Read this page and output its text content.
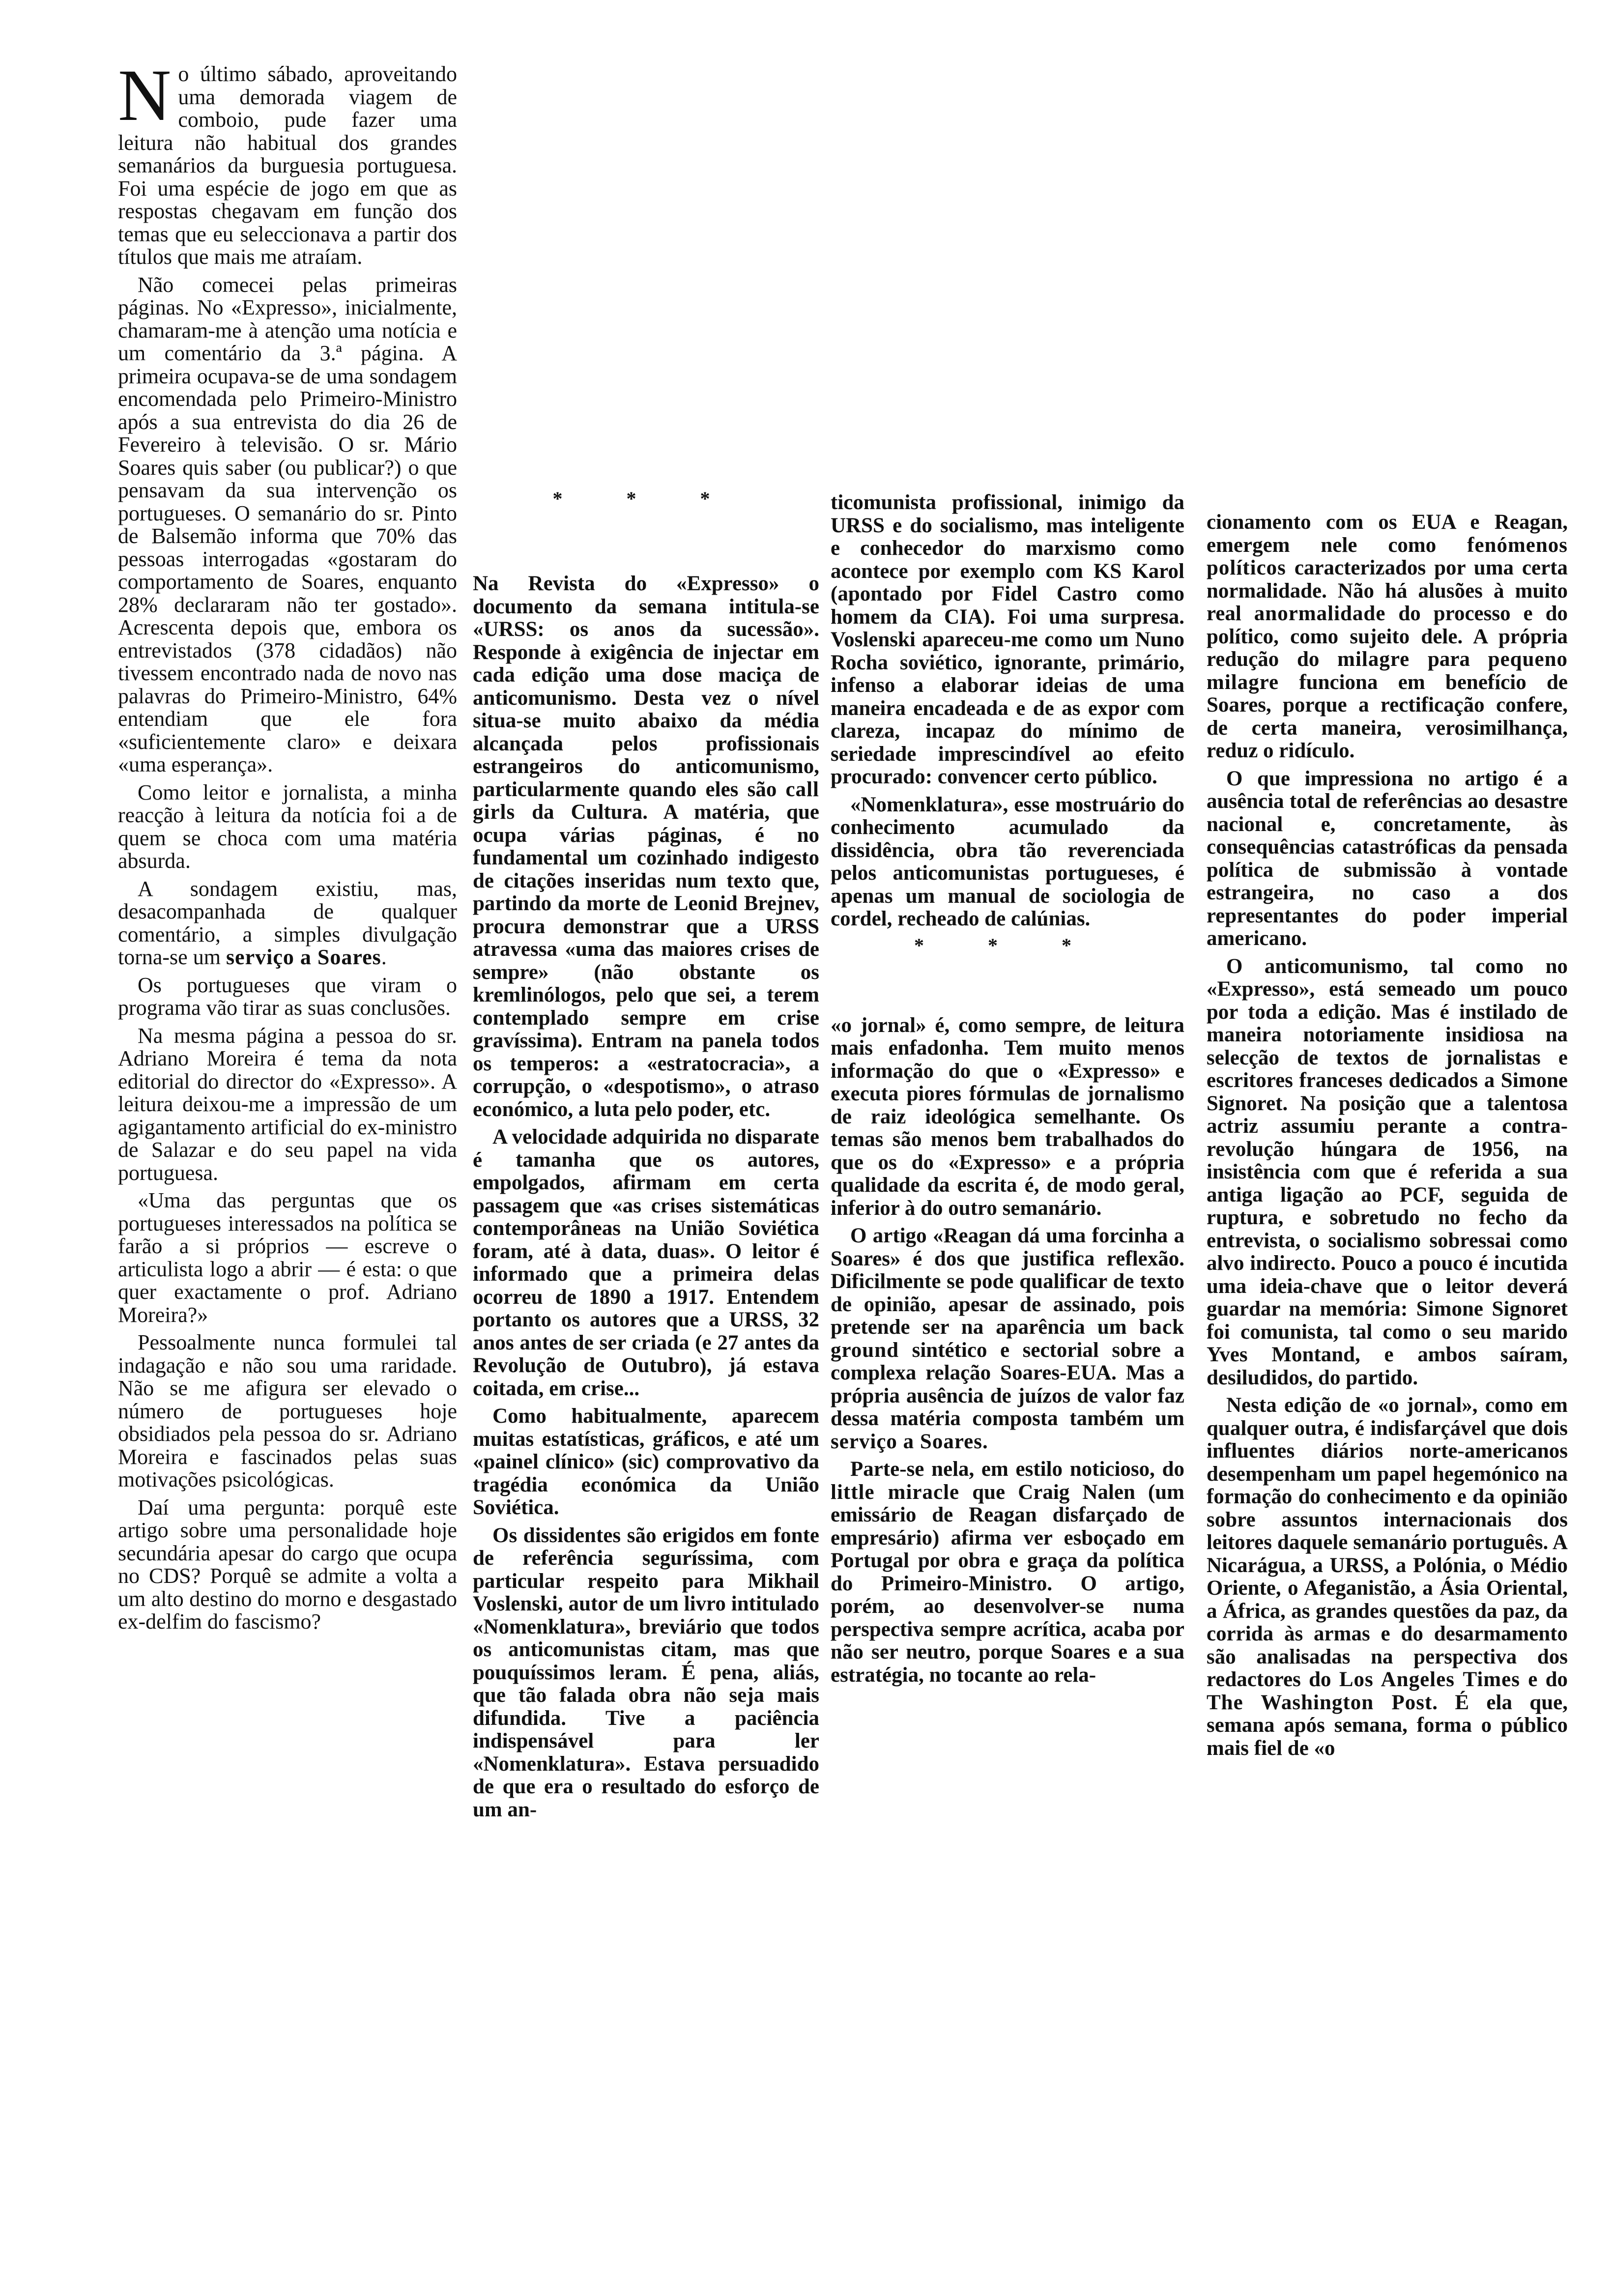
N o último sábado, aproveitando uma demorada viagem de comboio, pude fazer uma leitura não habitual dos grandes semanários da burguesia portuguesa. Foi uma espécie de jogo em que as respostas chegavam em função dos temas que eu seleccionava a partir dos títulos que mais me atraíam.

Não comecei pelas primeiras páginas. No «Expresso», inicialmente, chamaram-me à atenção uma notícia e um comentário da 3.ª página. A primeira ocupava-se de uma sondagem encomendada pelo Primeiro-Ministro após a sua entrevista do dia 26 de Fevereiro à televisão. O sr. Mário Soares quis saber (ou publicar?) o que pensavam da sua intervenção os portugueses. O semanário do sr. Pinto de Balsemão informa que 70% das pessoas interrogadas «gostaram do comportamento de Soares, enquanto 28% declararam não ter gostado». Acrescenta depois que, embora os entrevistados (378 cidadãos) não tivessem encontrado nada de novo nas palavras do Primeiro-Ministro, 64% entendiam que ele fora «suficientemente claro» e deixara «uma esperança».

Como leitor e jornalista, a minha reacção à leitura da notícia foi a de quem se choca com uma matéria absurda.

A sondagem existiu, mas, desacompanhada de qualquer comentário, a simples divulgação torna-se um serviço a Soares.

Os portugueses que viram o programa vão tirar as suas conclusões.

Na mesma página a pessoa do sr. Adriano Moreira é tema da nota editorial do director do «Expresso». A leitura deixou-me a impressão de um agigantamento artificial do ex-ministro de Salazar e do seu papel na vida portuguesa.

«Uma das perguntas que os portugueses interessados na política se farão a si próprios — escreve o articulista logo a abrir — é esta: o que quer exactamente o prof. Adriano Moreira?»

Pessoalmente nunca formulei tal indagação e não sou uma raridade. Não se me afigura ser elevado o número de portugueses hoje obsidiados pela pessoa do sr. Adriano Moreira e fascinados pelas suas motivações psicológicas.

Daí uma pergunta: porquê este artigo sobre uma personalidade hoje secundária apesar do cargo que ocupa no CDS? Porquê se admite a volta a um alto destino do morno e desgastado ex-delfim do fascismo?

* * *

Na Revista do «Expresso» o documento da semana intitula-se «URSS: os anos da sucessão». Responde à exigência de injectar em cada edição uma dose maciça de anticomunismo. Desta vez o nível situa-se muito abaixo da média alcançada pelos profissionais estrangeiros do anticomunismo, particularmente quando eles são call girls da Cultura. A matéria, que ocupa várias páginas, é no fundamental um cozinhado indigesto de citações inseridas num texto que, partindo da morte de Leonid Brejnev, procura demonstrar que a URSS atravessa «uma das maiores crises de sempre» (não obstante os kremlinólogos, pelo que sei, a terem contemplado sempre em crise gravíssima). Entram na panela todos os temperos: a «estratocracia», a corrupção, o «despotismo», o atraso económico, a luta pelo poder, etc.

A velocidade adquirida no disparate é tamanha que os autores, empolgados, afirmam em certa passagem que «as crises sistemáticas contemporâneas na União Soviética foram, até à data, duas». O leitor é informado que a primeira delas ocorreu de 1890 a 1917. Entendem portanto os autores que a URSS, 32 anos antes de ser criada (e 27 antes da Revolução de Outubro), já estava coitada, em crise...

Como habitualmente, aparecem muitas estatísticas, gráficos, e até um «painel clínico» (sic) comprovativo da tragédia económica da União Soviética.

Os dissidentes são erigidos em fonte de referência seguríssima, com particular respeito para Mikhail Voslenski, autor de um livro intitulado «Nomenklatura», breviário que todos os anticomunistas citam, mas que pouquíssimos leram. É pena, aliás, que tão falada obra não seja mais difundida. Tive a paciência indispensável para ler «Nomenklatura». Estava persuadido de que era o resultado do esforço de um an-

ticomunista profissional, inimigo da URSS e do socialismo, mas inteligente e conhecedor do marxismo como acontece por exemplo com KS Karol (apontado por Fidel Castro como homem da CIA). Foi uma surpresa. Voslenski apareceu-me como um Nuno Rocha soviético, ignorante, primário, infenso a elaborar ideias de uma maneira encadeada e de as expor com clareza, incapaz do mínimo de seriedade imprescindível ao efeito procurado: convencer certo público.

«Nomenklatura», esse mostruário do conhecimento acumulado da dissidência, obra tão reverenciada pelos anticomunistas portugueses, é apenas um manual de sociologia de cordel, recheado de calúnias.

* * *

«o jornal» é, como sempre, de leitura mais enfadonha. Tem muito menos informação do que o «Expresso» e executa piores fórmulas de jornalismo de raiz ideológica semelhante. Os temas são menos bem trabalhados do que os do «Expresso» e a própria qualidade da escrita é, de modo geral, inferior à do outro semanário.

O artigo «Reagan dá uma forcinha a Soares» é dos que justifica reflexão. Dificilmente se pode qualificar de texto de opinião, apesar de assinado, pois pretende ser na aparência um back ground sintético e sectorial sobre a complexa relação Soares-EUA. Mas a própria ausência de juízos de valor faz dessa matéria composta também um serviço a Soares.

Parte-se nela, em estilo noticioso, do little miracle que Craig Nalen (um emissário de Reagan disfarçado de empresário) afirma ver esboçado em Portugal por obra e graça da política do Primeiro-Ministro. O artigo, porém, ao desenvolver-se numa perspectiva sempre acrítica, acaba por não ser neutro, porque Soares e a sua estratégia, no tocante ao rela-

cionamento com os EUA e Reagan, emergem nele como fenómenos políticos caracterizados por uma certa normalidade. Não há alusões à muito real anormalidade do processo e do político, como sujeito dele. A própria redução do milagre para pequeno milagre funciona em benefício de Soares, porque a rectificação confere, de certa maneira, verosimilhança, reduz o ridículo.

O que impressiona no artigo é a ausência total de referências ao desastre nacional e, concretamente, às consequências catastróficas da pensada política de submissão à vontade estrangeira, no caso a dos representantes do poder imperial americano.

O anticomunismo, tal como no «Expresso», está semeado um pouco por toda a edição. Mas é instilado de maneira notoriamente insidiosa na selecção de textos de jornalistas e escritores franceses dedicados a Simone Signoret. Na posição que a talentosa actriz assumiu perante a contra-revolução húngara de 1956, na insistência com que é referida a sua antiga ligação ao PCF, seguida de ruptura, e sobretudo no fecho da entrevista, o socialismo sobressai como alvo indirecto. Pouco a pouco é incutida uma ideia-chave que o leitor deverá guardar na memória: Simone Signoret foi comunista, tal como o seu marido Yves Montand, e ambos saíram, desiludidos, do partido.

Nesta edição de «o jornal», como em qualquer outra, é indisfarçável que dois influentes diários norte-americanos desempenham um papel hegemónico na formação do conhecimento e da opinião sobre assuntos internacionais dos leitores daquele semanário português. A Nicarágua, a URSS, a Polónia, o Médio Oriente, o Afeganistão, a Ásia Oriental, a África, as grandes questões da paz, da corrida às armas e do desarmamento são analisadas na perspectiva dos redactores do Los Angeles Times e do The Washington Post. É ela que, semana após semana, forma o público mais fiel de «o
